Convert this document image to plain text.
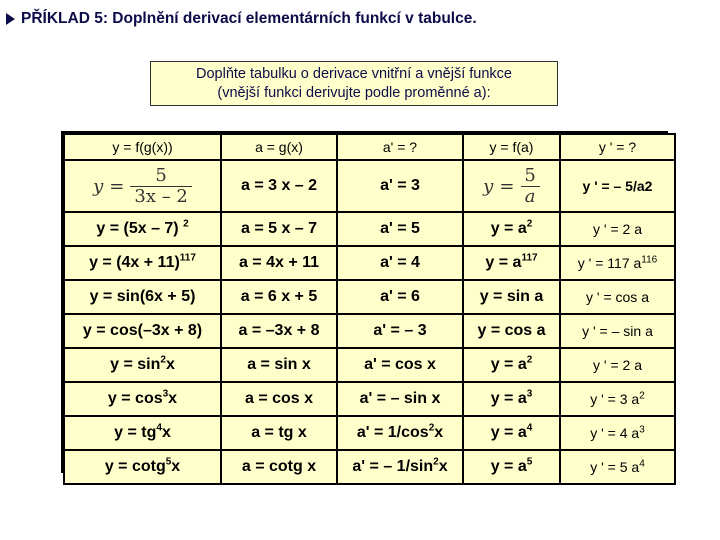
PŘÍKLAD 5 : Doplnění derivací elementárních funkcí v tabulce.
Doplňte tabulku o derivace vnitřní a vnější funkce
(vnější funkci derivujte podle proměnné a):
y = f(g(x))	a = g(x)	a' = ?	y = f(a)	y ' = ?

$y = \frac{5}{3x - 2}$	a = 3 x – 2	a' = 3	$y = \frac{5}{a}$	y ' = – 5/a2
y = (5x – 7) $^2$	a = 5 x – 7	a' = 5	$y = a^2$	y ' = 2 a
$y = (4x + 11)^{117}$	a = 4x + 11	a' = 4	$y = a^{117}$	y ' = 117 $a^{116}$
y = sin(6x + 5)	a = 6 x + 5	a' = 6	y = sin a	y ' = cos a
y = cos(–3x + 8)	a = –3x + 8	a' = – 3	y = cos a	y ' = – sin a
$y = \sin^2x$	a = sin x	a' = cos x	$y = a^2$	y ' = 2 a
$y = \cos^3x$	a = cos x	a' = – sin x	$y = a^3$	y ' = 3 $a^2$
$y = tg^4x$	a = tg x	$a' = 1/\cos^2x$	$y = a^4$	y ' = 4 $a^3$
y = cotg$^5$x	a = cotg x	a' = – $1/\sin^2x$	$y = a^5$	y ' = 5 $a^4$
